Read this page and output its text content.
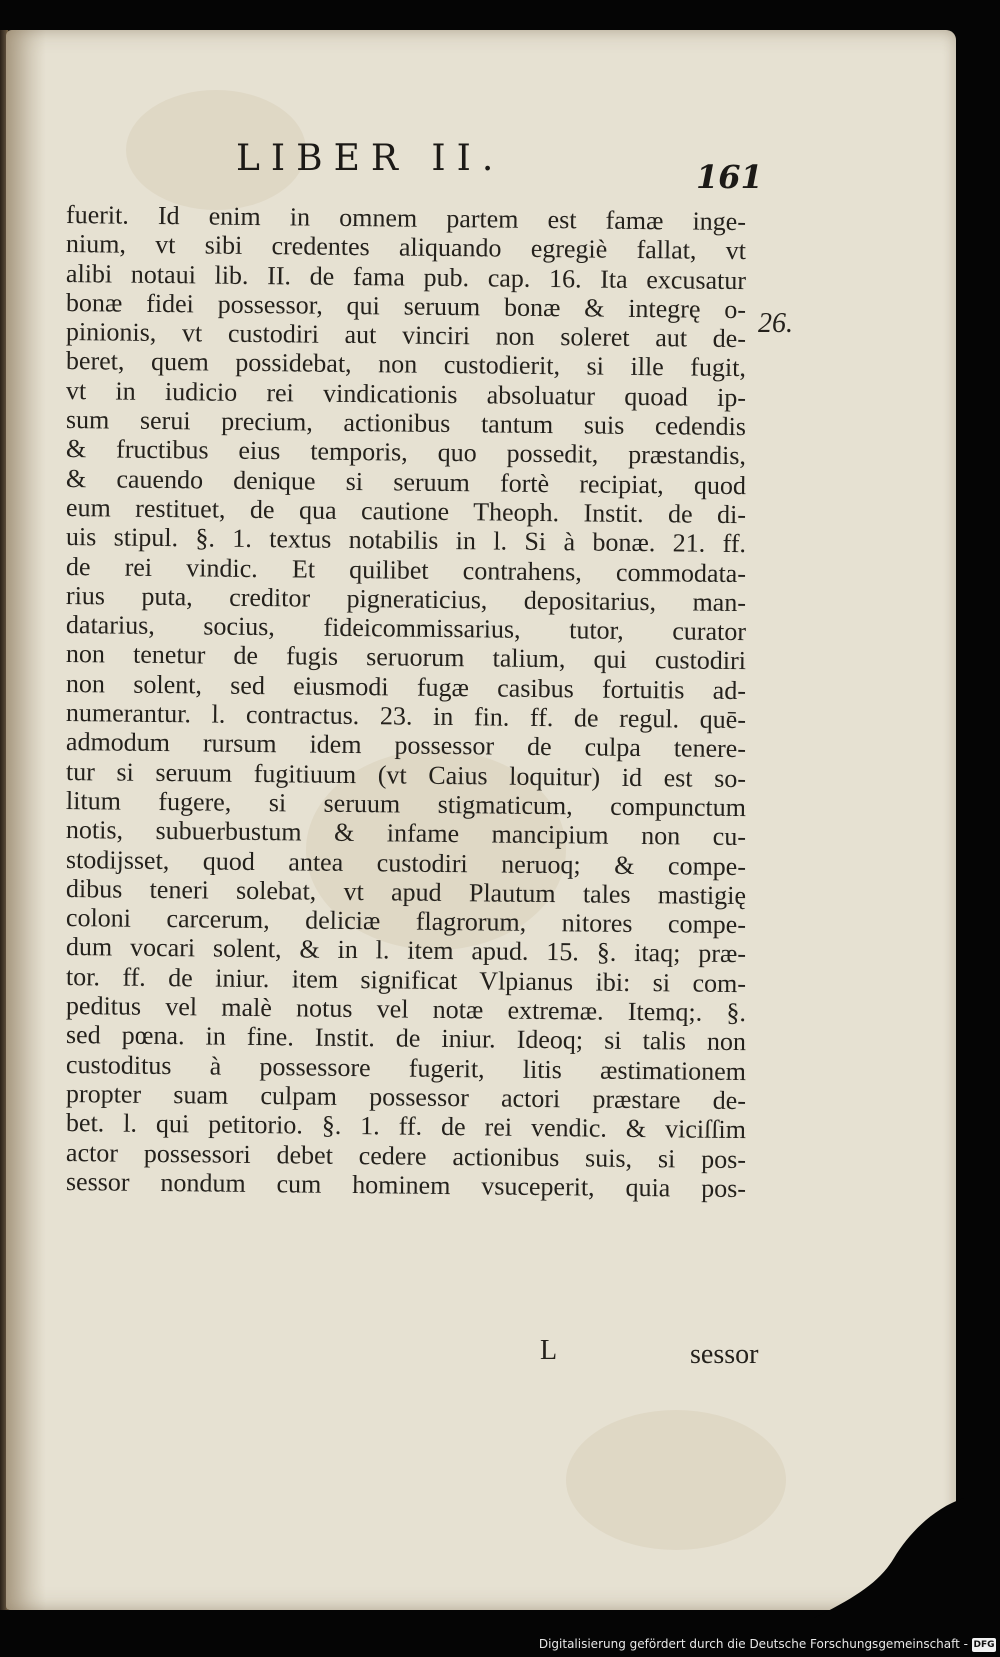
LIBER II.	161
fuerit. Id enim in omnem partem est famæ inge-
nium, vt sibi credentes aliquando egregiè fallat, vt
alibi notaui lib. II. de fama pub. cap. 16. Ita excusatur
bonæ fidei possessor, qui seruum bonæ & integrę o-
pinionis, vt custodiri aut vinciri non soleret aut de-
beret, quem possidebat, non custodierit, si ille fugit,
vt in iudicio rei vindicationis absoluatur quoad ip-
sum serui precium, actionibus tantum suis cedendis
& fructibus eius temporis, quo possedit, præstandis,
& cauendo denique si seruum fortè recipiat, quod
eum restituet, de qua cautione Theoph. Instit. de di-
uis stipul. §. 1. textus notabilis in l. Si à bonæ. 21. ff.
de rei vindic. Et quilibet contrahens, commodata-
rius puta, creditor pigneraticius, depositarius, man-
datarius, socius, fideicommissarius, tutor, curator
non tenetur de fugis seruorum talium, qui custodiri
non solent, sed eiusmodi fugæ casibus fortuitis ad-
numerantur. l. contractus. 23. in fin. ff. de regul. quē-
admodum rursum idem possessor de culpa tenere-
tur si seruum fugitiuum (vt Caius loquitur) id est so-
litum fugere, si seruum stigmaticum, compunctum
notis, subuerbustum & infame mancipium non cu-
stodijsset, quod antea custodiri neruoq; & compe-
dibus teneri solebat, vt apud Plautum tales mastigię
coloni carcerum, deliciæ flagrorum, nitores compe-
dum vocari solent, & in l. item apud. 15. §. itaq; præ-
tor. ff. de iniur. item significat Vlpianus ibi: si com-
peditus vel malè notus vel notæ extremæ. Itemq;. §.
sed pœna. in fine. Instit. de iniur. Ideoq; si talis non
custoditus à possessore fugerit, litis æstimationem
propter suam culpam possessor actori præstare de-
bet. l. qui petitorio. §. 1. ff. de rei vendic. & viciſſim
actor possessori debet cedere actionibus suis, si pos-
sessor nondum cum hominem vsuceperit, quia pos-
26.
L	sessor
Digitalisierung gefördert durch die Deutsche Forschungsgemeinschaft - DFG
